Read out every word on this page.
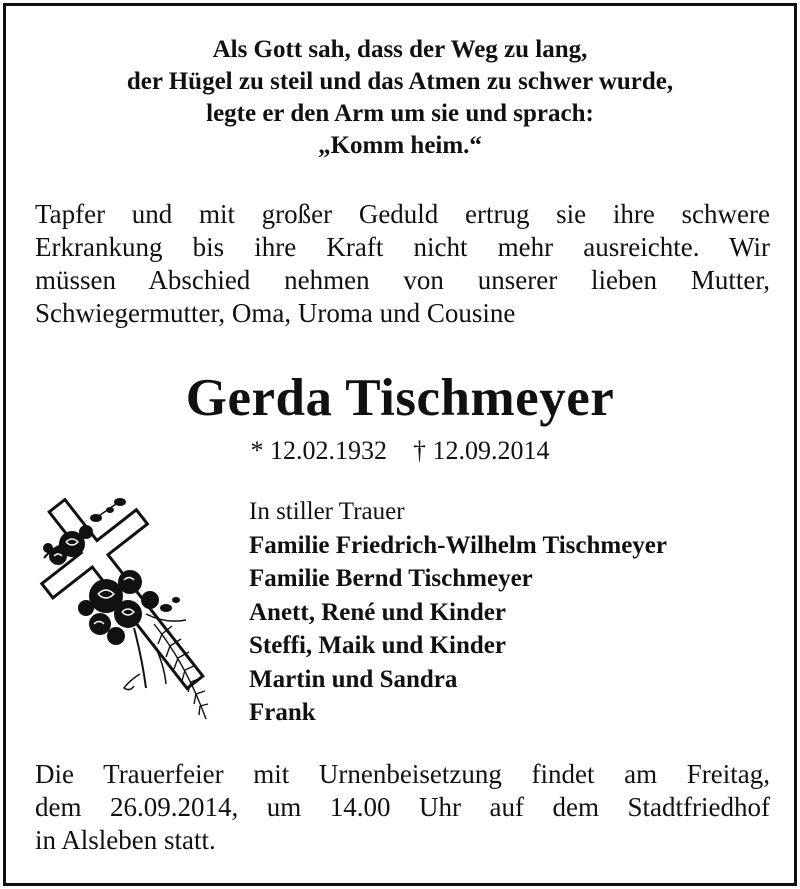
Als Gott sah, dass der Weg zu lang,
der Hügel zu steil und das Atmen zu schwer wurde,
legte er den Arm um sie und sprach:
„Komm heim.“
Tapfer und mit großer Geduld ertrug sie ihre schwere
Erkrankung bis ihre Kraft nicht mehr ausreichte. Wir
müssen Abschied nehmen von unserer lieben Mutter,
Schwiegermutter, Oma, Uroma und Cousine
Gerda Tischmeyer
* 12.02.1932 † 12.09.2014
In stiller Trauer
Familie Friedrich-Wilhelm Tischmeyer
Familie Bernd Tischmeyer
Anett, René und Kinder
Steffi, Maik und Kinder
Martin und Sandra
Frank
Die Trauerfeier mit Urnenbeisetzung findet am Freitag,
dem 26.09.2014, um 14.00 Uhr auf dem Stadtfriedhof
in Alsleben statt.
